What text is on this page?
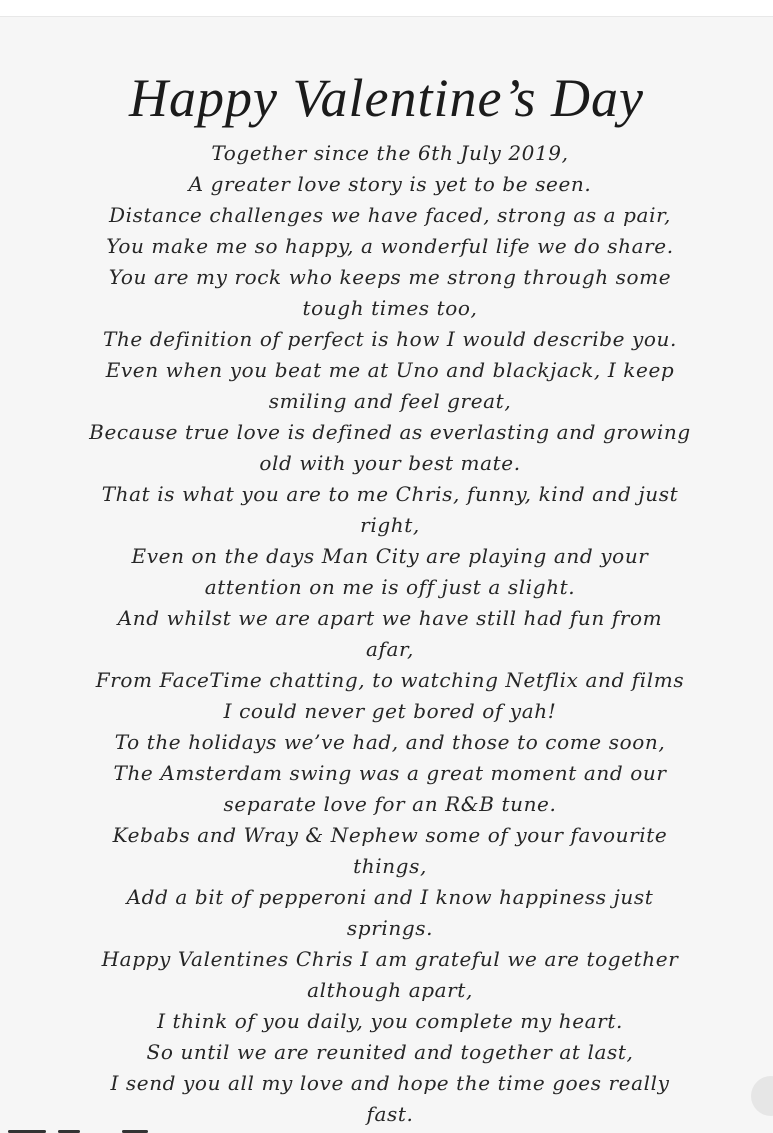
Happy Valentine’s Day
Together since the 6th July 2019,
A greater love story is yet to be seen.
Distance challenges we have faced, strong as a pair,
You make me so happy, a wonderful life we do share.
You are my rock who keeps me strong through some
tough times too,
The definition of perfect is how I would describe you.
Even when you beat me at Uno and blackjack, I keep
smiling and feel great,
Because true love is defined as everlasting and growing
old with your best mate.
That is what you are to me Chris, funny, kind and just
right,
Even on the days Man City are playing and your
attention on me is off just a slight.
And whilst we are apart we have still had fun from
afar,
From FaceTime chatting, to watching Netflix and films
I could never get bored of yah!
To the holidays we’ve had, and those to come soon,
The Amsterdam swing was a great moment and our
separate love for an R&B tune.
Kebabs and Wray & Nephew some of your favourite
things,
Add a bit of pepperoni and I know happiness just
springs.
Happy Valentines Chris I am grateful we are together
although apart,
I think of you daily, you complete my heart.
So until we are reunited and together at last,
I send you all my love and hope the time goes really
fast.
